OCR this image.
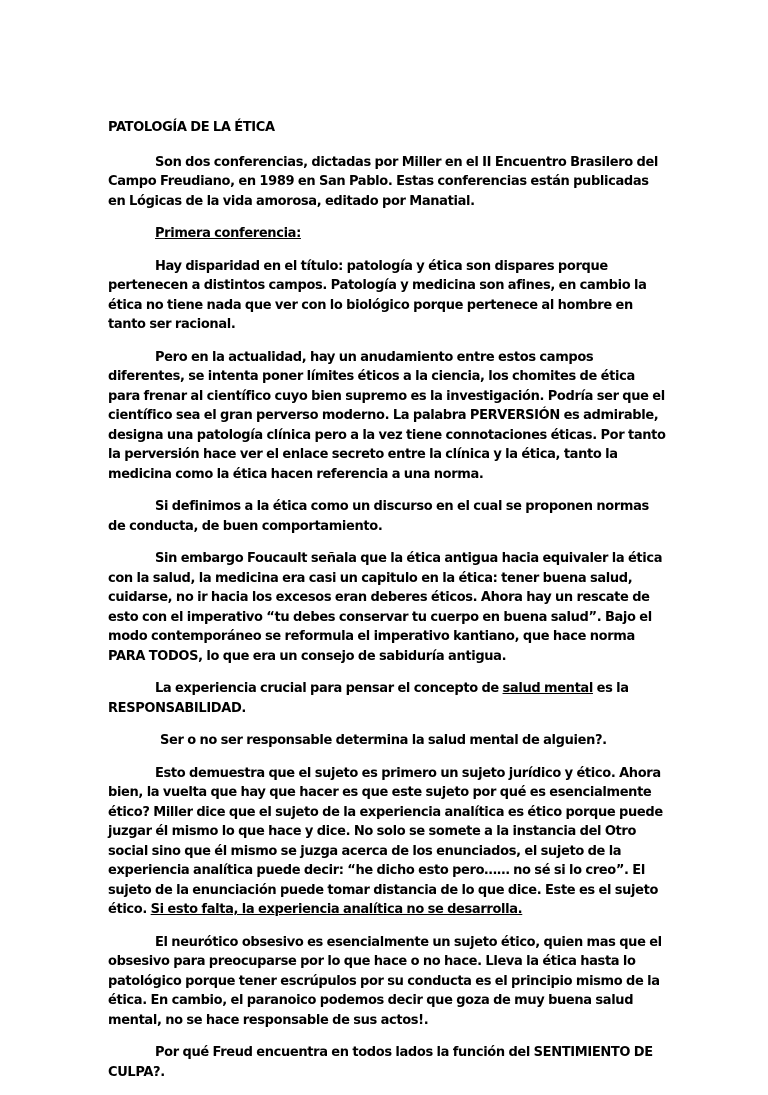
PATOLOGÍA DE LA ÉTICA

Son dos conferencias, dictadas por Miller en el II Encuentro Brasilero del Campo Freudiano, en 1989 en San Pablo. Estas conferencias están publicadas en Lógicas de la vida amorosa, editado por Manatial.

Primera conferencia:

Hay disparidad en el título: patología y ética son dispares porque pertenecen a distintos campos. Patología y medicina son afines, en cambio la ética no tiene nada que ver con lo biológico porque pertenece al hombre en tanto ser racional.

Pero en la actualidad, hay un anudamiento entre estos campos diferentes, se intenta poner límites éticos a la ciencia, los chomites de ética para frenar al científico cuyo bien supremo es la investigación. Podría ser que el científico sea el gran perverso moderno. La palabra PERVERSIÓN es admirable, designa una patología clínica pero a la vez tiene connotaciones éticas. Por tanto la perversión hace ver el enlace secreto entre la clínica y la ética, tanto la medicina como la ética hacen referencia a una norma.

Si definimos a la ética como un discurso en el cual se proponen normas de conducta, de buen comportamiento.

Sin embargo Foucault señala que la ética antigua hacia equivaler la ética con la salud, la medicina era casi un capitulo en la ética: tener buena salud, cuidarse, no ir hacia los excesos eran deberes éticos. Ahora hay un rescate de esto con el imperativo “tu debes conservar tu cuerpo en buena salud”. Bajo el modo contemporáneo se reformula el imperativo kantiano, que hace norma PARA TODOS, lo que era un consejo de sabiduría antigua.

La experiencia crucial para pensar el concepto de salud mental es la RESPONSABILIDAD.

Ser o no ser responsable determina la salud mental de alguien?.

Esto demuestra que el sujeto es primero un sujeto jurídico y ético. Ahora bien, la vuelta que hay que hacer es que este sujeto por qué es esencialmente ético? Miller dice que el sujeto de la experiencia analítica es ético porque puede juzgar él mismo lo que hace y dice. No solo se somete a la instancia del Otro social sino que él mismo se juzga acerca de los enunciados, el sujeto de la experiencia analítica puede decir: “he dicho esto pero…… no sé si lo creo”. El sujeto de la enunciación puede tomar distancia de lo que dice. Este es el sujeto ético. Si esto falta, la experiencia analítica no se desarrolla.

El neurótico obsesivo es esencialmente un sujeto ético, quien mas que el obsesivo para preocuparse por lo que hace o no hace. Lleva la ética hasta lo patológico porque tener escrúpulos por su conducta es el principio mismo de la ética. En cambio, el paranoico podemos decir que goza de muy buena salud mental, no se hace responsable de sus actos!.

Por qué Freud encuentra en todos lados la función del SENTIMIENTO DE CULPA?.
